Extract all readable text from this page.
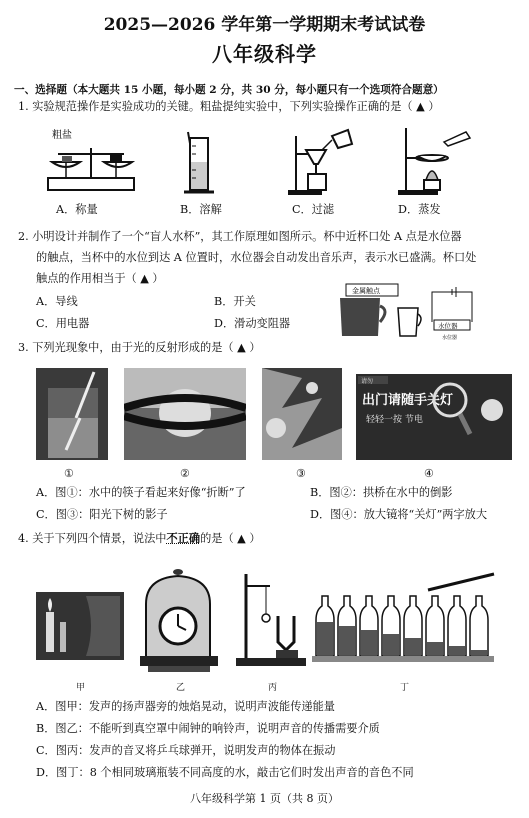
2025—2026 学年第一学期期末考试试卷
八年级科学
一、选择题（本大题共 15 小题，每小题 2 分，共 30 分，每小题只有一个选项符合题意）
1. 实验规范操作是实验成功的关键。粗盐提纯实验中，下列实验操作正确的是（ ▲ ）
粗盐
A．称量	B．溶解	C．过滤	D．蒸发
2. 小明设计并制作了一个“盲人水杯”，其工作原理如图所示。杯中近杯口处 A 点是水位器
的触点，当杯中的水位到达 A 位置时，水位器会自动发出音乐声，表示水已盛满。杯口处
触点的作用相当于（ ▲ ）
A．导线	B．开关
C．用电器	D．滑动变阻器
金属触点
水位器
水位器
3. 下列光现象中，由于光的反射形成的是（ ▲ ）
请勿
出门请随手关灯
轻轻一按 节电
①	②	③	④
A．图①：水中的筷子看起来好像“折断”了	B．图②：拱桥在水中的倒影
C．图③：阳光下树的影子	D．图④：放大镜将“关灯”两字放大
4. 关于下列四个情景，说法中不正确的是（ ▲ ）
甲	乙	丙	丁
A．图甲：发声的扬声器旁的烛焰晃动，说明声波能传递能量
B．图乙：不能听到真空罩中闹钟的响铃声，说明声音的传播需要介质
C．图丙：发声的音叉将乒乓球弹开，说明发声的物体在振动
D．图丁：8 个相同玻璃瓶装不同高度的水，敲击它们时发出声音的音色不同
八年级科学第 1 页（共 8 页）
